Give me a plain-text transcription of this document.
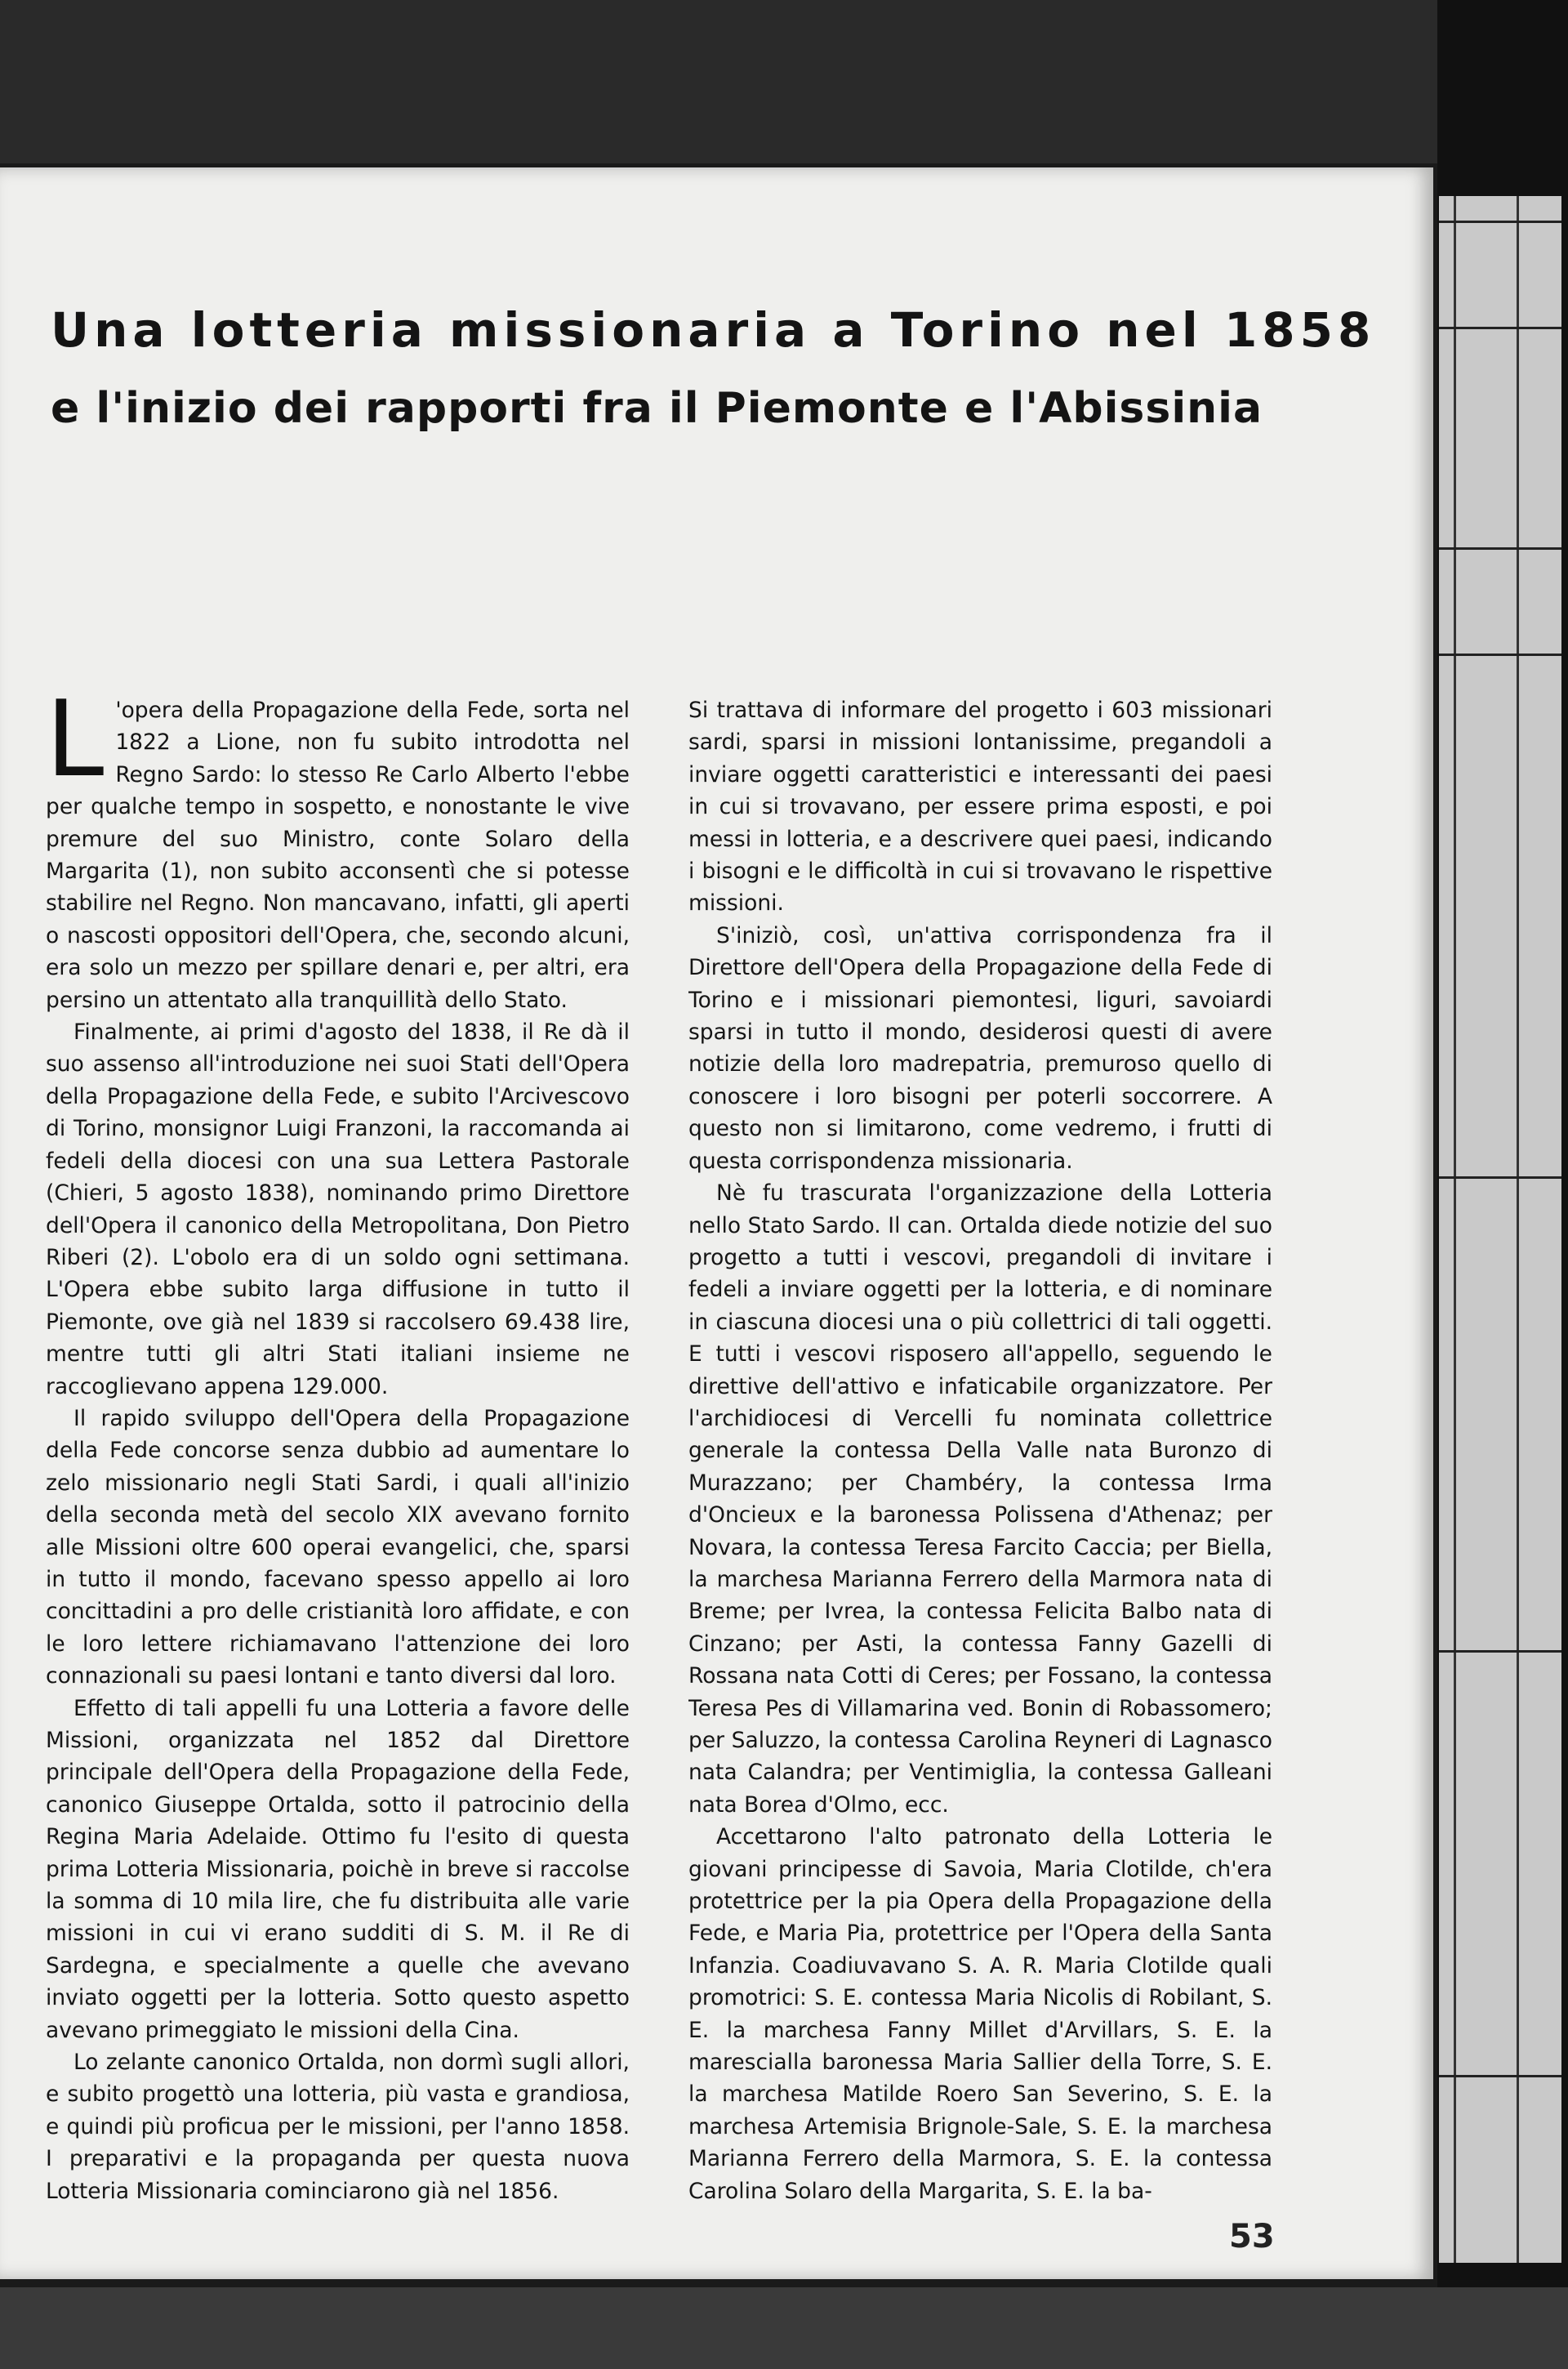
Una lotteria missionaria a Torino nel 1858
e l'inizio dei rapporti fra il Piemonte e l'Abissinia

L 'opera della Propagazione della Fede, sorta nel 1822 a Lione, non fu subito introdotta nel Regno Sardo: lo stesso Re Carlo Alberto l'ebbe per qualche tempo in sospetto, e nonostante le vive premure del suo Ministro, conte Solaro della Margarita (1), non subito acconsentì che si potesse stabilire nel Regno. Non mancavano, infatti, gli aperti o nascosti oppositori dell'Opera, che, secondo alcuni, era solo un mezzo per spillare denari e, per altri, era persino un attentato alla tranquillità dello Stato.

Finalmente, ai primi d'agosto del 1838, il Re dà il suo assenso all'introduzione nei suoi Stati dell'Opera della Propagazione della Fede, e subito l'Arcivescovo di Torino, monsignor Luigi Franzoni, la raccomanda ai fedeli della diocesi con una sua Lettera Pastorale (Chieri, 5 agosto 1838), nominando primo Direttore dell'Opera il canonico della Metropolitana, Don Pietro Riberi (2). L'obolo era di un soldo ogni settimana. L'Opera ebbe subito larga diffusione in tutto il Piemonte, ove già nel 1839 si raccolsero 69.438 lire, mentre tutti gli altri Stati italiani insieme ne raccoglievano appena 129.000.

Il rapido sviluppo dell'Opera della Propagazione della Fede concorse senza dubbio ad aumentare lo zelo missionario negli Stati Sardi, i quali all'inizio della seconda metà del secolo XIX avevano fornito alle Missioni oltre 600 operai evangelici, che, sparsi in tutto il mondo, facevano spesso appello ai loro concittadini a pro delle cristianità loro affidate, e con le loro lettere richiamavano l'attenzione dei loro connazionali su paesi lontani e tanto diversi dal loro.

Effetto di tali appelli fu una Lotteria a favore delle Missioni, organizzata nel 1852 dal Direttore principale dell'Opera della Propagazione della Fede, canonico Giuseppe Ortalda, sotto il patrocinio della Regina Maria Adelaide. Ottimo fu l'esito di questa prima Lotteria Missionaria, poichè in breve si raccolse la somma di 10 mila lire, che fu distribuita alle varie missioni in cui vi erano sudditi di S. M. il Re di Sardegna, e specialmente a quelle che avevano inviato oggetti per la lotteria. Sotto questo aspetto avevano primeggiato le missioni della Cina.

Lo zelante canonico Ortalda, non dormì sugli allori, e subito progettò una lotteria, più vasta e grandiosa, e quindi più proficua per le missioni, per l'anno 1858. I preparativi e la propaganda per questa nuova Lotteria Missionaria cominciarono già nel 1856.

Si trattava di informare del progetto i 603 missionari sardi, sparsi in missioni lontanissime, pregandoli a inviare oggetti caratteristici e interessanti dei paesi in cui si trovavano, per essere prima esposti, e poi messi in lotteria, e a descrivere quei paesi, indicando i bisogni e le difficoltà in cui si trovavano le rispettive missioni.

S'iniziò, così, un'attiva corrispondenza fra il Direttore dell'Opera della Propagazione della Fede di Torino e i missionari piemontesi, liguri, savoiardi sparsi in tutto il mondo, desiderosi questi di avere notizie della loro madrepatria, premuroso quello di conoscere i loro bisogni per poterli soccorrere. A questo non si limitarono, come vedremo, i frutti di questa corrispondenza missionaria.

Nè fu trascurata l'organizzazione della Lotteria nello Stato Sardo. Il can. Ortalda diede notizie del suo progetto a tutti i vescovi, pregandoli di invitare i fedeli a inviare oggetti per la lotteria, e di nominare in ciascuna diocesi una o più collettrici di tali oggetti. E tutti i vescovi risposero all'appello, seguendo le direttive dell'attivo e infaticabile organizzatore. Per l'archidiocesi di Vercelli fu nominata collettrice generale la contessa Della Valle nata Buronzo di Murazzano; per Chambéry, la contessa Irma d'Oncieux e la baronessa Polissena d'Athenaz; per Novara, la contessa Teresa Farcito Caccia; per Biella, la marchesa Marianna Ferrero della Marmora nata di Breme; per Ivrea, la contessa Felicita Balbo nata di Cinzano; per Asti, la contessa Fanny Gazelli di Rossana nata Cotti di Ceres; per Fossano, la contessa Teresa Pes di Villamarina ved. Bonin di Robassomero; per Saluzzo, la contessa Carolina Reyneri di Lagnasco nata Calandra; per Ventimiglia, la contessa Galleani nata Borea d'Olmo, ecc.

Accettarono l'alto patronato della Lotteria le giovani principesse di Savoia, Maria Clotilde, ch'era protettrice per la pia Opera della Propagazione della Fede, e Maria Pia, protettrice per l'Opera della Santa Infanzia. Coadiuvavano S. A. R. Maria Clotilde quali promotrici: S. E. contessa Maria Nicolis di Robilant, S. E. la marchesa Fanny Millet d'Arvillars, S. E. la marescialla baronessa Maria Sallier della Torre, S. E. la marchesa Matilde Roero San Severino, S. E. la marchesa Artemisia Brignole-Sale, S. E. la marchesa Marianna Ferrero della Marmora, S. E. la contessa Carolina Solaro della Margarita, S. E. la ba-

53
